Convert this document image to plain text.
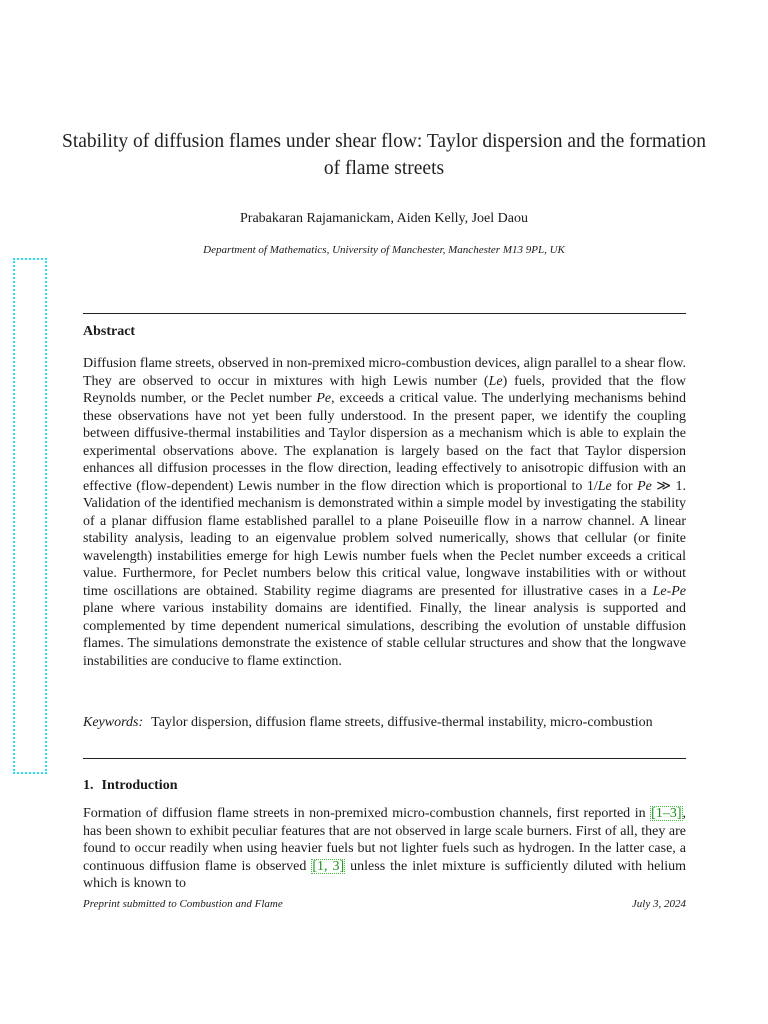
Stability of diffusion flames under shear flow: Taylor dispersion and the formation of flame streets
Prabakaran Rajamanickam, Aiden Kelly, Joel Daou
Department of Mathematics, University of Manchester, Manchester M13 9PL, UK
Abstract
Diffusion flame streets, observed in non-premixed micro-combustion devices, align parallel to a shear flow. They are observed to occur in mixtures with high Lewis number (Le) fuels, provided that the flow Reynolds number, or the Peclet number Pe, exceeds a critical value. The underlying mechanisms behind these observations have not yet been fully understood. In the present paper, we identify the coupling between diffusive-thermal instabilities and Taylor dispersion as a mechanism which is able to explain the experimental observations above. The explanation is largely based on the fact that Taylor dispersion enhances all diffusion processes in the flow direction, leading effectively to anisotropic diffusion with an effective (flow-dependent) Lewis number in the flow direction which is proportional to 1/Le for Pe ≫ 1. Validation of the identified mechanism is demonstrated within a simple model by investigating the stability of a planar diffusion flame established parallel to a plane Poiseuille flow in a narrow channel. A linear stability analysis, leading to an eigenvalue problem solved numerically, shows that cellular (or finite wavelength) instabilities emerge for high Lewis number fuels when the Peclet number exceeds a critical value. Furthermore, for Peclet numbers below this critical value, longwave instabilities with or without time oscillations are obtained. Stability regime diagrams are presented for illustrative cases in a Le-Pe plane where various instability domains are identified. Finally, the linear analysis is supported and complemented by time dependent numerical simulations, describing the evolution of unstable diffusion flames. The simulations demonstrate the existence of stable cellular structures and show that the longwave instabilities are conducive to flame extinction.
Keywords: Taylor dispersion, diffusion flame streets, diffusive-thermal instability, micro-combustion
1. Introduction
Formation of diffusion flame streets in non-premixed micro-combustion channels, first reported in [1–3], has been shown to exhibit peculiar features that are not observed in large scale burners. First of all, they are found to occur readily when using heavier fuels but not lighter fuels such as hydrogen. In the latter case, a continuous diffusion flame is observed [1, 3] unless the inlet mixture is sufficiently diluted with helium which is known to
Preprint submitted to Combustion and Flame	July 3, 2024
